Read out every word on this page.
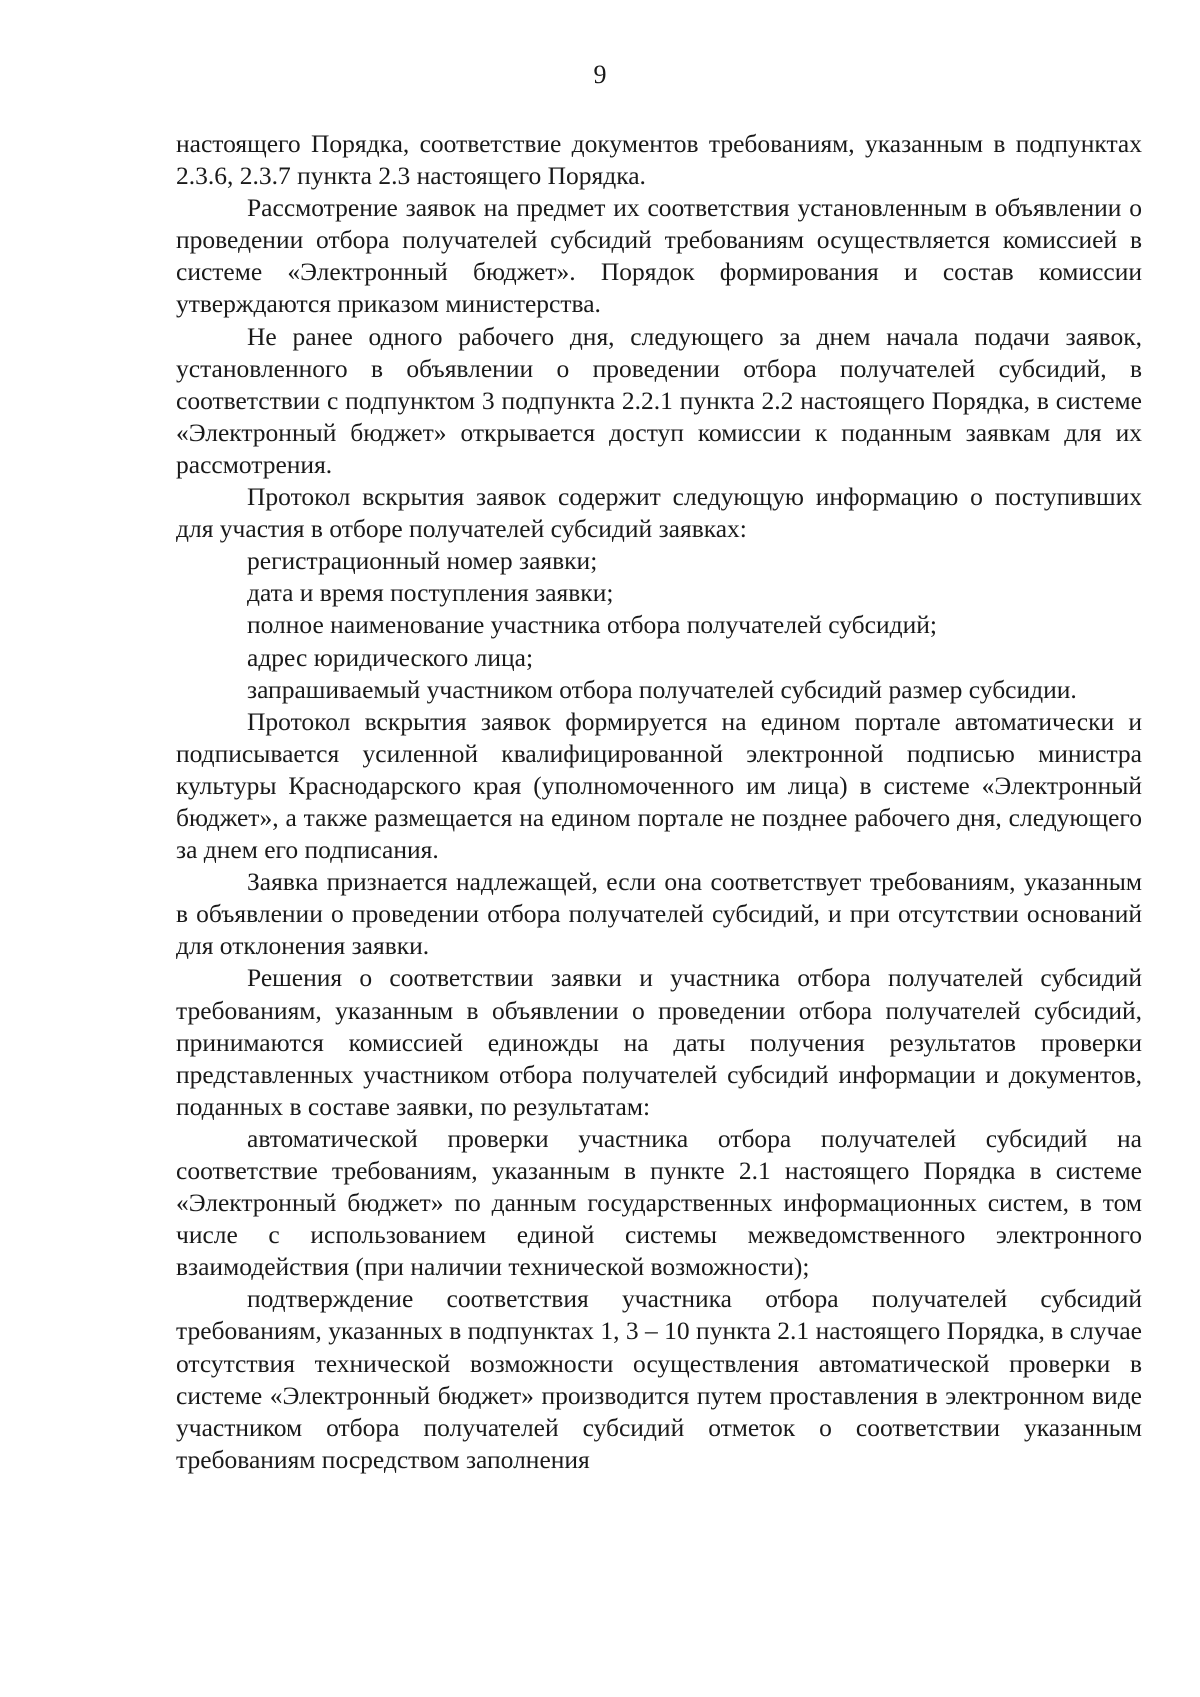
9

настоящего Порядка, соответствие документов требованиям, указанным в подпунктах 2.3.6, 2.3.7 пункта 2.3 настоящего Порядка.

Рассмотрение заявок на предмет их соответствия установленным в объявлении о проведении отбора получателей субсидий требованиям осуществляется комиссией в системе «Электронный бюджет». Порядок формирования и состав комиссии утверждаются приказом министерства.

Не ранее одного рабочего дня, следующего за днем начала подачи заявок, установленного в объявлении о проведении отбора получателей субсидий, в соответствии с подпунктом 3 подпункта 2.2.1 пункта 2.2 настоящего Порядка, в системе «Электронный бюджет» открывается доступ комиссии к поданным заявкам для их рассмотрения.

Протокол вскрытия заявок содержит следующую информацию о поступивших для участия в отборе получателей субсидий заявках:

регистрационный номер заявки;

дата и время поступления заявки;

полное наименование участника отбора получателей субсидий;

адрес юридического лица;

запрашиваемый участником отбора получателей субсидий размер субсидии.

Протокол вскрытия заявок формируется на едином портале автоматически и подписывается усиленной квалифицированной электронной подписью министра культуры Краснодарского края (уполномоченного им лица) в системе «Электронный бюджет», а также размещается на едином портале не позднее рабочего дня, следующего за днем его подписания.

Заявка признается надлежащей, если она соответствует требованиям, указанным в объявлении о проведении отбора получателей субсидий, и при отсутствии оснований для отклонения заявки.

Решения о соответствии заявки и участника отбора получателей субсидий требованиям, указанным в объявлении о проведении отбора получателей субсидий, принимаются комиссией единожды на даты получения результатов проверки представленных участником отбора получателей субсидий информации и документов, поданных в составе заявки, по результатам:

автоматической проверки участника отбора получателей субсидий на соответствие требованиям, указанным в пункте 2.1 настоящего Порядка в системе «Электронный бюджет» по данным государственных информационных систем, в том числе с использованием единой системы межведомственного электронного взаимодействия (при наличии технической возможности);

подтверждение соответствия участника отбора получателей субсидий требованиям, указанных в подпунктах 1, 3 – 10 пункта 2.1 настоящего Порядка, в случае отсутствия технической возможности осуществления автоматической проверки в системе «Электронный бюджет» производится путем проставления в электронном виде участником отбора получателей субсидий отметок о соответствии указанным требованиям посредством заполнения
